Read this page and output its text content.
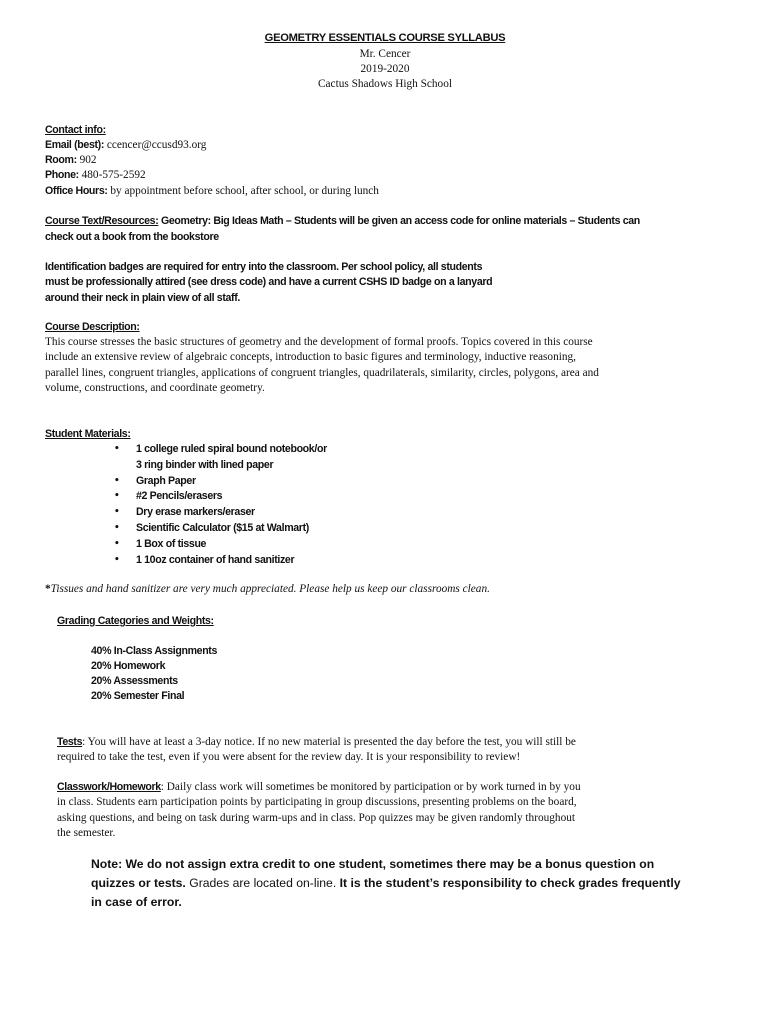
GEOMETRY ESSENTIALS COURSE SYLLABUS
Mr. Cencer
2019-2020
Cactus Shadows High School
Contact info:
Email (best): ccencer@ccusd93.org
Room: 902
Phone: 480-575-2592
Office Hours: by appointment before school, after school, or during lunch
Course Text/Resources: Geometry: Big Ideas Math – Students will be given an access code for online materials – Students can
check out a book from the bookstore
Identification badges are required for entry into the classroom. Per school policy, all students
must be professionally attired (see dress code) and have a current CSHS ID badge on a lanyard
around their neck in plain view of all staff.
Course Description:
This course stresses the basic structures of geometry and the development of formal proofs. Topics covered in this course
include an extensive review of algebraic concepts, introduction to basic figures and terminology, inductive reasoning,
parallel lines, congruent triangles, applications of congruent triangles, quadrilaterals, similarity, circles, polygons, area and
volume, constructions, and coordinate geometry.
Student Materials:
• 1 college ruled spiral bound notebook/or
3 ring binder with lined paper
• Graph Paper
• #2 Pencils/erasers
• Dry erase markers/eraser
• Scientific Calculator ($15 at Walmart)
• 1 Box of tissue
• 1 10oz container of hand sanitizer
*Tissues and hand sanitizer are very much appreciated. Please help us keep our classrooms clean.
Grading Categories and Weights:
40% In-Class Assignments
20% Homework
20% Assessments
20% Semester Final
Tests: You will have at least a 3-day notice. If no new material is presented the day before the test, you will still be
required to take the test, even if you were absent for the review day. It is your responsibility to review!
Classwork/Homework: Daily class work will sometimes be monitored by participation or by work turned in by you
in class. Students earn participation points by participating in group discussions, presenting problems on the board,
asking questions, and being on task during warm-ups and in class. Pop quizzes may be given randomly throughout
the semester.
Note: We do not assign extra credit to one student, sometimes there may be a bonus question on
quizzes or tests. Grades are located on-line. It is the student’s responsibility to check grades frequently
in case of error.
